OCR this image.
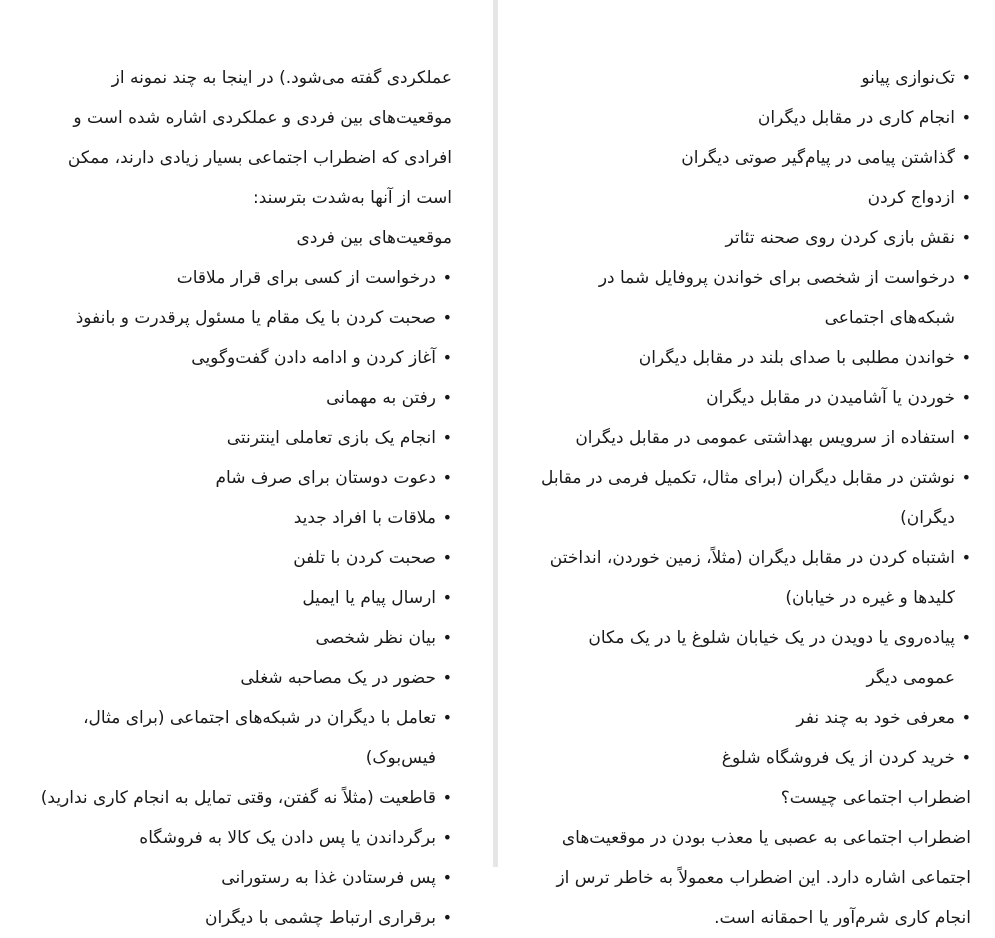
عملکردی گفته می‌شود.) در اینجا به چند نمونه از موقعیت‌های بین فردی و عملکردی اشاره شده است و افرادی که اضطراب اجتماعی بسیار زیادی دارند، ممکن است از آنها به‌شدت بترسند:

موقعیت‌های بین فردی

• درخواست از کسی برای قرار ملاقات
• صحبت کردن با یک مقام یا مسئول پرقدرت و بانفوذ
• آغاز کردن و ادامه دادن گفت‌وگویی
• رفتن به مهمانی
• انجام یک بازی تعاملی اینترنتی
• دعوت دوستان برای صرف شام
• ملاقات با افراد جدید
• صحبت کردن با تلفن
• ارسال پیام یا ایمیل
• بیان نظر شخصی
• حضور در یک مصاحبه شغلی
• تعامل با دیگران در شبکه‌های اجتماعی (برای مثال، فیس‌بوک)
• قاطعیت (مثلاً نه گفتن، وقتی تمایل به انجام کاری ندارید)
• برگرداندن یا پس دادن یک کالا به فروشگاه
• پس فرستادن غذا به رستورانی
• برقراری ارتباط چشمی با دیگران
• تک‌نوازی پیانو
• انجام کاری در مقابل دیگران
• گذاشتن پیامی در پیام‌گیر صوتی دیگران
• ازدواج کردن
• نقش بازی کردن روی صحنه تئاتر
• درخواست از شخصی برای خواندن پروفایل شما در شبکه‌های اجتماعی
• خواندن مطلبی با صدای بلند در مقابل دیگران
• خوردن یا آشامیدن در مقابل دیگران
• استفاده از سرویس بهداشتی عمومی در مقابل دیگران
• نوشتن در مقابل دیگران (برای مثال، تکمیل فرمی در مقابل دیگران)
• اشتباه کردن در مقابل دیگران (مثلاً، زمین خوردن، انداختن کلیدها و غیره در خیابان)
• پیاده‌روی یا دویدن در یک خیابان شلوغ یا در یک مکان عمومی دیگر
• معرفی خود به چند نفر
• خرید کردن از یک فروشگاه شلوغ

اضطراب اجتماعی چیست؟

اضطراب اجتماعی به عصبی یا معذب بودن در موقعیت‌های اجتماعی اشاره دارد. این اضطراب معمولاً به خاطر ترس از انجام کاری شرم‌آور یا احمقانه است.
